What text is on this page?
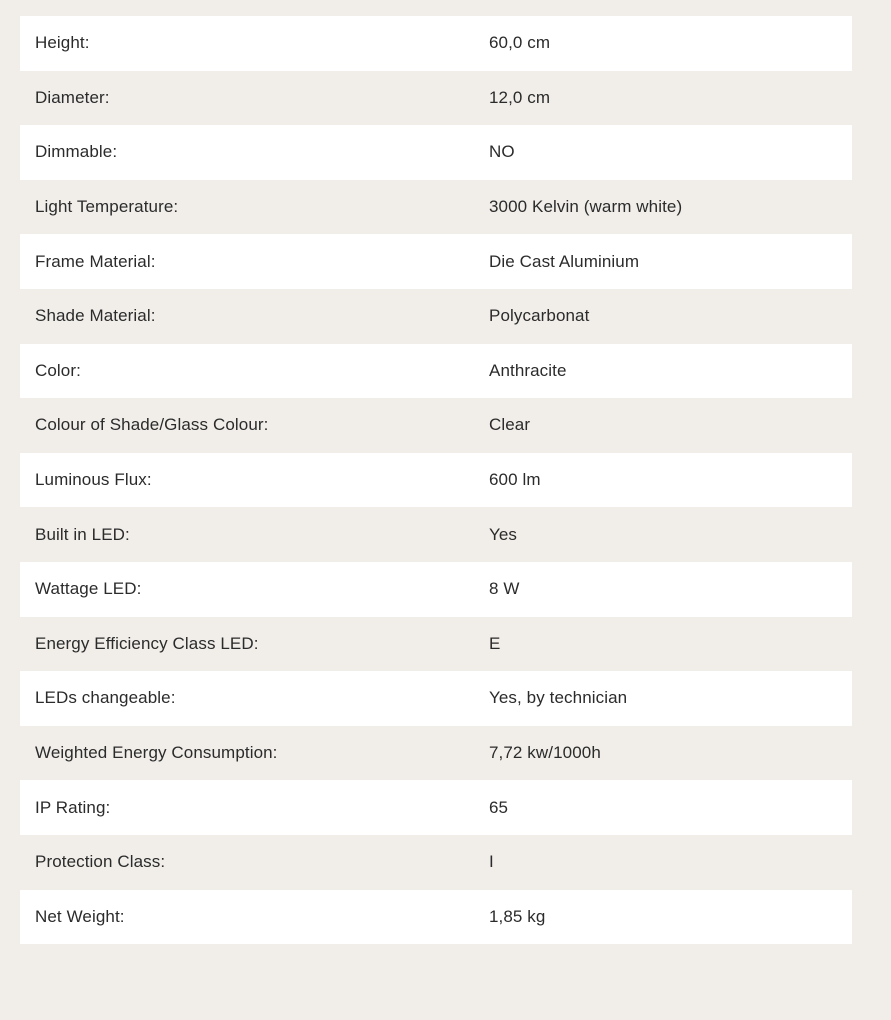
Height:	60,0 cm
Diameter:	12,0 cm
Dimmable:	NO
Light Temperature:	3000 Kelvin (warm white)
Frame Material:	Die Cast Aluminium
Shade Material:	Polycarbonat
Color:	Anthracite
Colour of Shade/Glass Colour:	Clear
Luminous Flux:	600 lm
Built in LED:	Yes
Wattage LED:	8 W
Energy Efficiency Class LED:	E
LEDs changeable:	Yes, by technician
Weighted Energy Consumption:	7,72 kw/1000h
IP Rating:	65
Protection Class:	I
Net Weight:	1,85 kg
